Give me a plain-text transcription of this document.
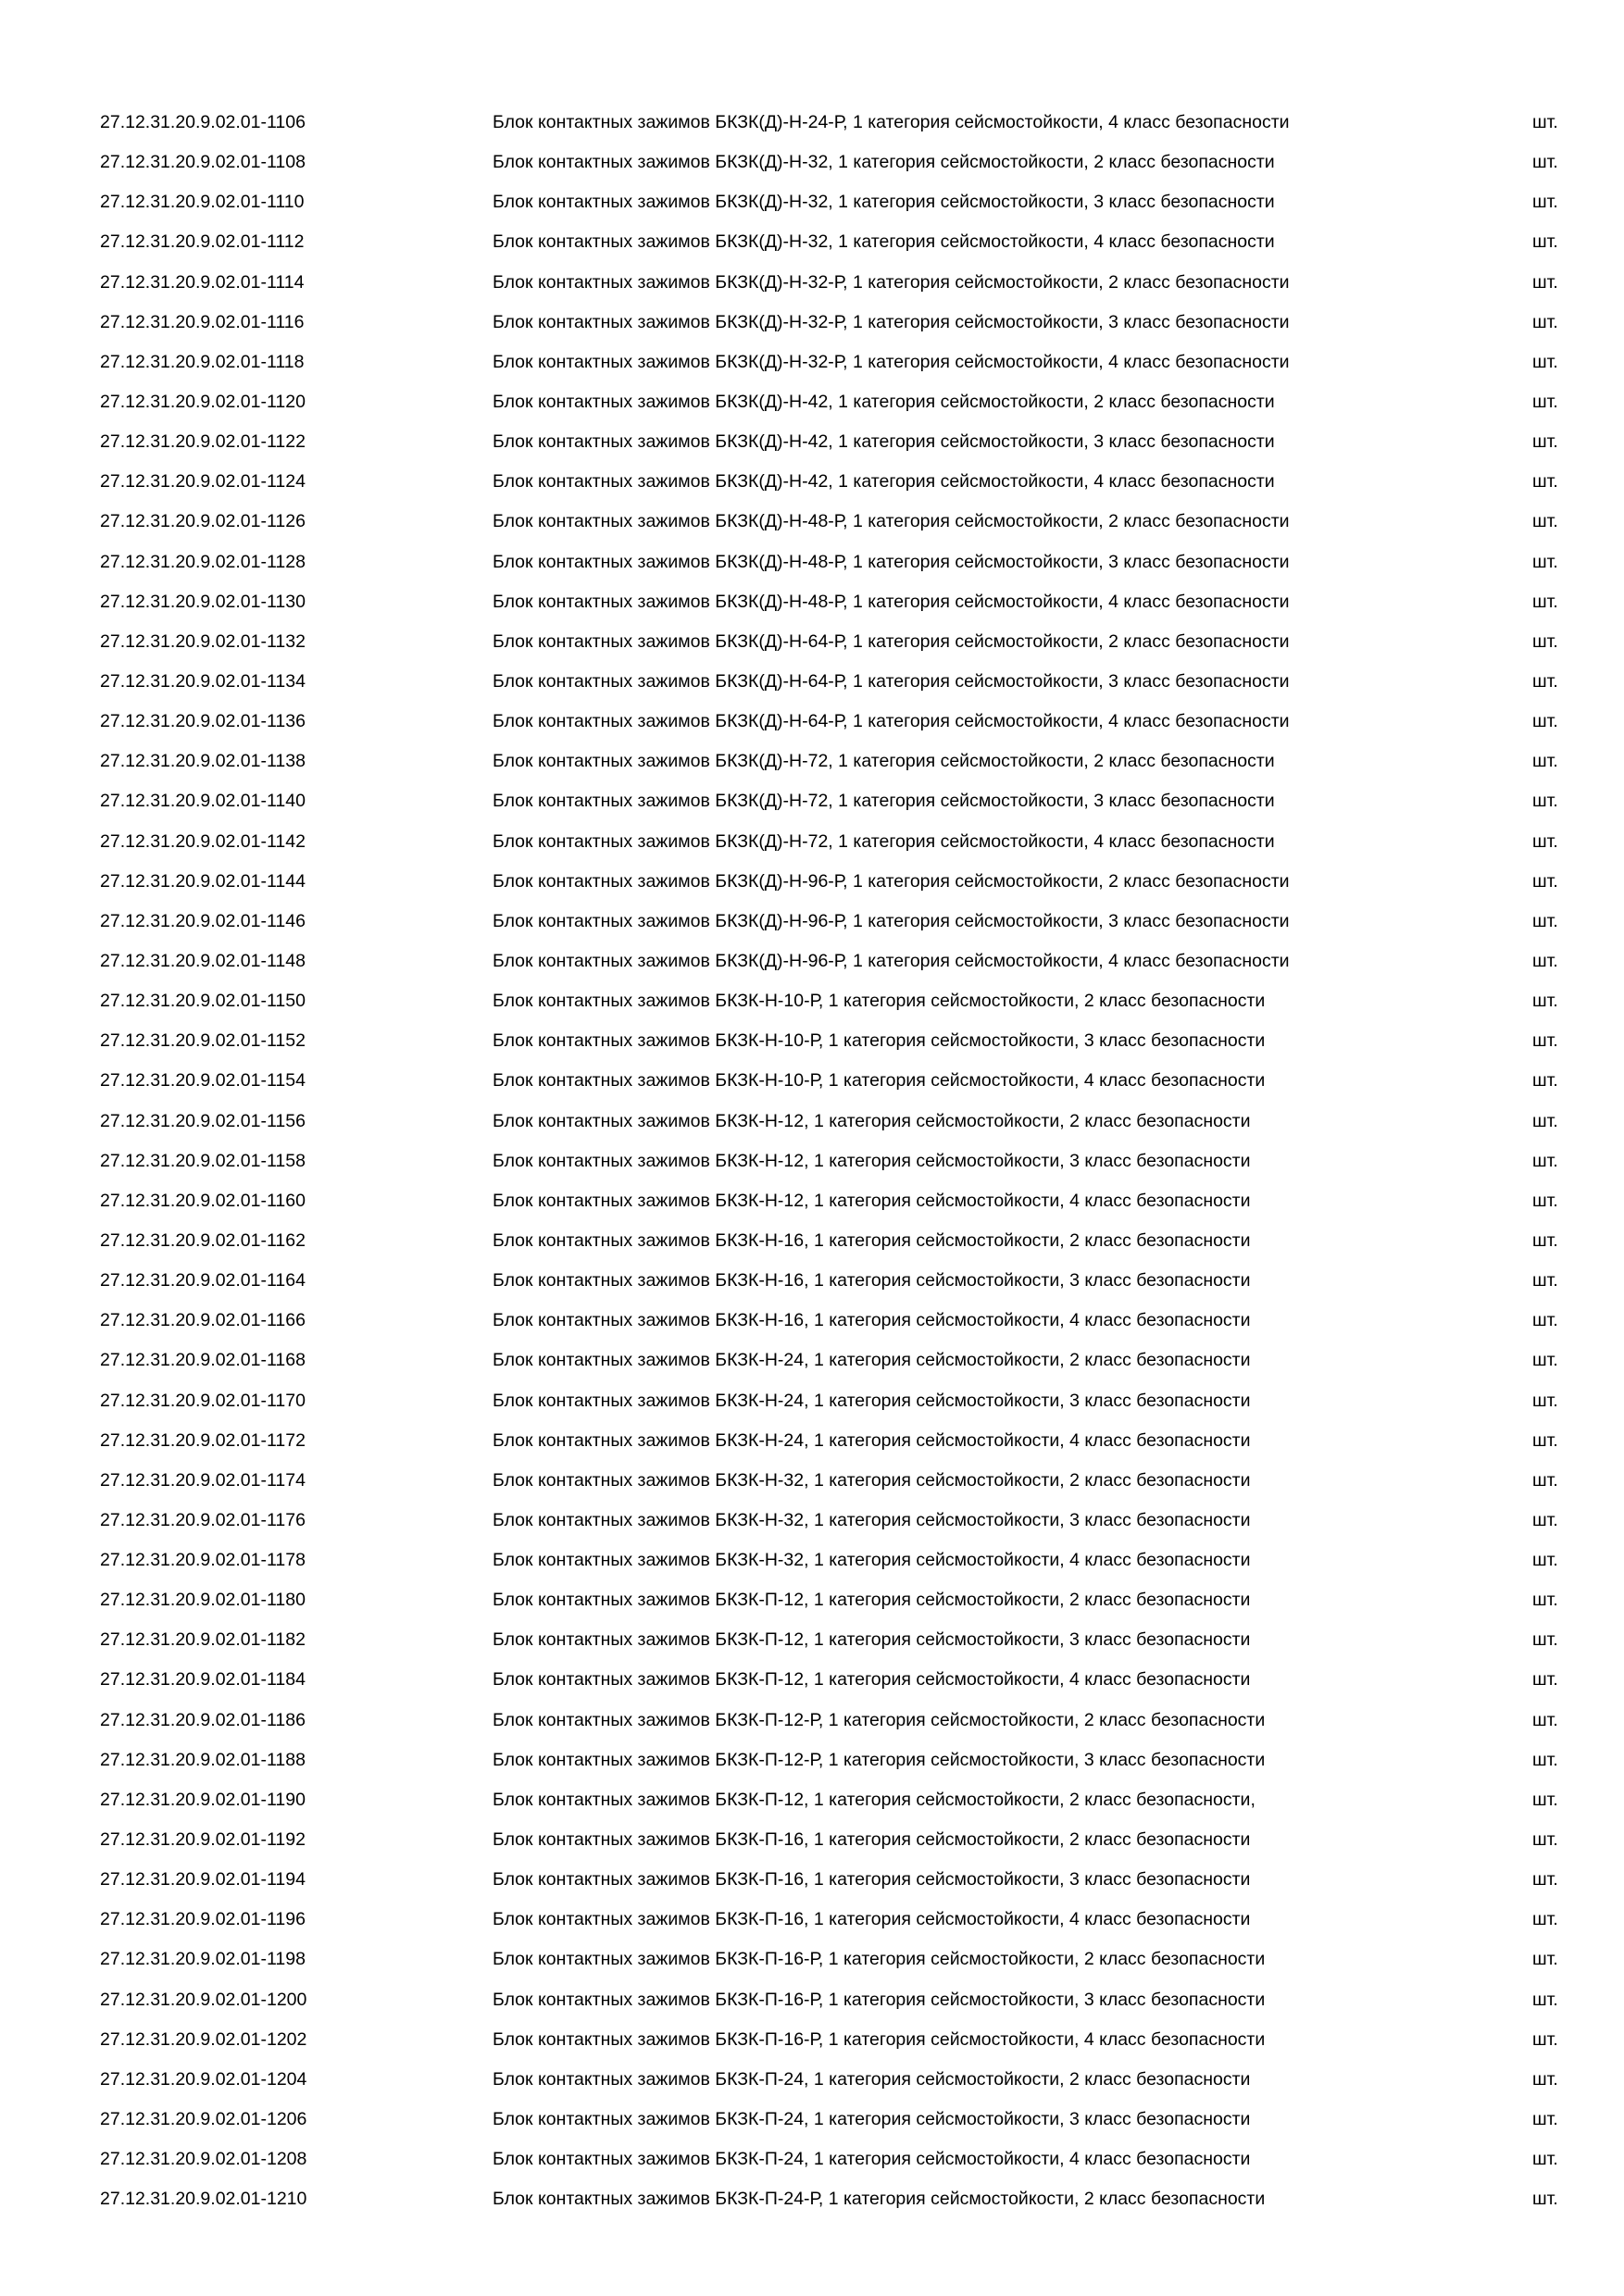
27.12.31.20.9.02.01-1106	Блок контактных зажимов БКЗК(Д)-Н-24-Р, 1 категория сейсмостойкости, 4 класс безопасности	шт.
27.12.31.20.9.02.01-1108	Блок контактных зажимов БКЗК(Д)-Н-32, 1 категория сейсмостойкости, 2 класс безопасности	шт.
27.12.31.20.9.02.01-1110	Блок контактных зажимов БКЗК(Д)-Н-32, 1 категория сейсмостойкости, 3 класс безопасности	шт.
27.12.31.20.9.02.01-1112	Блок контактных зажимов БКЗК(Д)-Н-32, 1 категория сейсмостойкости, 4 класс безопасности	шт.
27.12.31.20.9.02.01-1114	Блок контактных зажимов БКЗК(Д)-Н-32-Р, 1 категория сейсмостойкости, 2 класс безопасности	шт.
27.12.31.20.9.02.01-1116	Блок контактных зажимов БКЗК(Д)-Н-32-Р, 1 категория сейсмостойкости, 3 класс безопасности	шт.
27.12.31.20.9.02.01-1118	Блок контактных зажимов БКЗК(Д)-Н-32-Р, 1 категория сейсмостойкости, 4 класс безопасности	шт.
27.12.31.20.9.02.01-1120	Блок контактных зажимов БКЗК(Д)-Н-42, 1 категория сейсмостойкости, 2 класс безопасности	шт.
27.12.31.20.9.02.01-1122	Блок контактных зажимов БКЗК(Д)-Н-42, 1 категория сейсмостойкости, 3 класс безопасности	шт.
27.12.31.20.9.02.01-1124	Блок контактных зажимов БКЗК(Д)-Н-42, 1 категория сейсмостойкости, 4 класс безопасности	шт.
27.12.31.20.9.02.01-1126	Блок контактных зажимов БКЗК(Д)-Н-48-Р, 1 категория сейсмостойкости, 2 класс безопасности	шт.
27.12.31.20.9.02.01-1128	Блок контактных зажимов БКЗК(Д)-Н-48-Р, 1 категория сейсмостойкости, 3 класс безопасности	шт.
27.12.31.20.9.02.01-1130	Блок контактных зажимов БКЗК(Д)-Н-48-Р, 1 категория сейсмостойкости, 4 класс безопасности	шт.
27.12.31.20.9.02.01-1132	Блок контактных зажимов БКЗК(Д)-Н-64-Р, 1 категория сейсмостойкости, 2 класс безопасности	шт.
27.12.31.20.9.02.01-1134	Блок контактных зажимов БКЗК(Д)-Н-64-Р, 1 категория сейсмостойкости, 3 класс безопасности	шт.
27.12.31.20.9.02.01-1136	Блок контактных зажимов БКЗК(Д)-Н-64-Р, 1 категория сейсмостойкости, 4 класс безопасности	шт.
27.12.31.20.9.02.01-1138	Блок контактных зажимов БКЗК(Д)-Н-72, 1 категория сейсмостойкости, 2 класс безопасности	шт.
27.12.31.20.9.02.01-1140	Блок контактных зажимов БКЗК(Д)-Н-72, 1 категория сейсмостойкости, 3 класс безопасности	шт.
27.12.31.20.9.02.01-1142	Блок контактных зажимов БКЗК(Д)-Н-72, 1 категория сейсмостойкости, 4 класс безопасности	шт.
27.12.31.20.9.02.01-1144	Блок контактных зажимов БКЗК(Д)-Н-96-Р, 1 категория сейсмостойкости, 2 класс безопасности	шт.
27.12.31.20.9.02.01-1146	Блок контактных зажимов БКЗК(Д)-Н-96-Р, 1 категория сейсмостойкости, 3 класс безопасности	шт.
27.12.31.20.9.02.01-1148	Блок контактных зажимов БКЗК(Д)-Н-96-Р, 1 категория сейсмостойкости, 4 класс безопасности	шт.
27.12.31.20.9.02.01-1150	Блок контактных зажимов БКЗК-Н-10-Р, 1 категория сейсмостойкости, 2 класс безопасности	шт.
27.12.31.20.9.02.01-1152	Блок контактных зажимов БКЗК-Н-10-Р, 1 категория сейсмостойкости, 3 класс безопасности	шт.
27.12.31.20.9.02.01-1154	Блок контактных зажимов БКЗК-Н-10-Р, 1 категория сейсмостойкости, 4 класс безопасности	шт.
27.12.31.20.9.02.01-1156	Блок контактных зажимов БКЗК-Н-12, 1 категория сейсмостойкости, 2 класс безопасности	шт.
27.12.31.20.9.02.01-1158	Блок контактных зажимов БКЗК-Н-12, 1 категория сейсмостойкости, 3 класс безопасности	шт.
27.12.31.20.9.02.01-1160	Блок контактных зажимов БКЗК-Н-12, 1 категория сейсмостойкости, 4 класс безопасности	шт.
27.12.31.20.9.02.01-1162	Блок контактных зажимов БКЗК-Н-16, 1 категория сейсмостойкости, 2 класс безопасности	шт.
27.12.31.20.9.02.01-1164	Блок контактных зажимов БКЗК-Н-16, 1 категория сейсмостойкости, 3 класс безопасности	шт.
27.12.31.20.9.02.01-1166	Блок контактных зажимов БКЗК-Н-16, 1 категория сейсмостойкости, 4 класс безопасности	шт.
27.12.31.20.9.02.01-1168	Блок контактных зажимов БКЗК-Н-24, 1 категория сейсмостойкости, 2 класс безопасности	шт.
27.12.31.20.9.02.01-1170	Блок контактных зажимов БКЗК-Н-24, 1 категория сейсмостойкости, 3 класс безопасности	шт.
27.12.31.20.9.02.01-1172	Блок контактных зажимов БКЗК-Н-24, 1 категория сейсмостойкости, 4 класс безопасности	шт.
27.12.31.20.9.02.01-1174	Блок контактных зажимов БКЗК-Н-32, 1 категория сейсмостойкости, 2 класс безопасности	шт.
27.12.31.20.9.02.01-1176	Блок контактных зажимов БКЗК-Н-32, 1 категория сейсмостойкости, 3 класс безопасности	шт.
27.12.31.20.9.02.01-1178	Блок контактных зажимов БКЗК-Н-32, 1 категория сейсмостойкости, 4 класс безопасности	шт.
27.12.31.20.9.02.01-1180	Блок контактных зажимов БКЗК-П-12, 1 категория сейсмостойкости, 2 класс безопасности	шт.
27.12.31.20.9.02.01-1182	Блок контактных зажимов БКЗК-П-12, 1 категория сейсмостойкости, 3 класс безопасности	шт.
27.12.31.20.9.02.01-1184	Блок контактных зажимов БКЗК-П-12, 1 категория сейсмостойкости, 4 класс безопасности	шт.
27.12.31.20.9.02.01-1186	Блок контактных зажимов БКЗК-П-12-Р, 1 категория сейсмостойкости, 2 класс безопасности	шт.
27.12.31.20.9.02.01-1188	Блок контактных зажимов БКЗК-П-12-Р, 1 категория сейсмостойкости, 3 класс безопасности	шт.
27.12.31.20.9.02.01-1190	Блок контактных зажимов БКЗК-П-12, 1 категория сейсмостойкости, 2 класс безопасности,	шт.
27.12.31.20.9.02.01-1192	Блок контактных зажимов БКЗК-П-16, 1 категория сейсмостойкости, 2 класс безопасности	шт.
27.12.31.20.9.02.01-1194	Блок контактных зажимов БКЗК-П-16, 1 категория сейсмостойкости, 3 класс безопасности	шт.
27.12.31.20.9.02.01-1196	Блок контактных зажимов БКЗК-П-16, 1 категория сейсмостойкости, 4 класс безопасности	шт.
27.12.31.20.9.02.01-1198	Блок контактных зажимов БКЗК-П-16-Р, 1 категория сейсмостойкости, 2 класс безопасности	шт.
27.12.31.20.9.02.01-1200	Блок контактных зажимов БКЗК-П-16-Р, 1 категория сейсмостойкости, 3 класс безопасности	шт.
27.12.31.20.9.02.01-1202	Блок контактных зажимов БКЗК-П-16-Р, 1 категория сейсмостойкости, 4 класс безопасности	шт.
27.12.31.20.9.02.01-1204	Блок контактных зажимов БКЗК-П-24, 1 категория сейсмостойкости, 2 класс безопасности	шт.
27.12.31.20.9.02.01-1206	Блок контактных зажимов БКЗК-П-24, 1 категория сейсмостойкости, 3 класс безопасности	шт.
27.12.31.20.9.02.01-1208	Блок контактных зажимов БКЗК-П-24, 1 категория сейсмостойкости, 4 класс безопасности	шт.
27.12.31.20.9.02.01-1210	Блок контактных зажимов БКЗК-П-24-Р, 1 категория сейсмостойкости, 2 класс безопасности	шт.
